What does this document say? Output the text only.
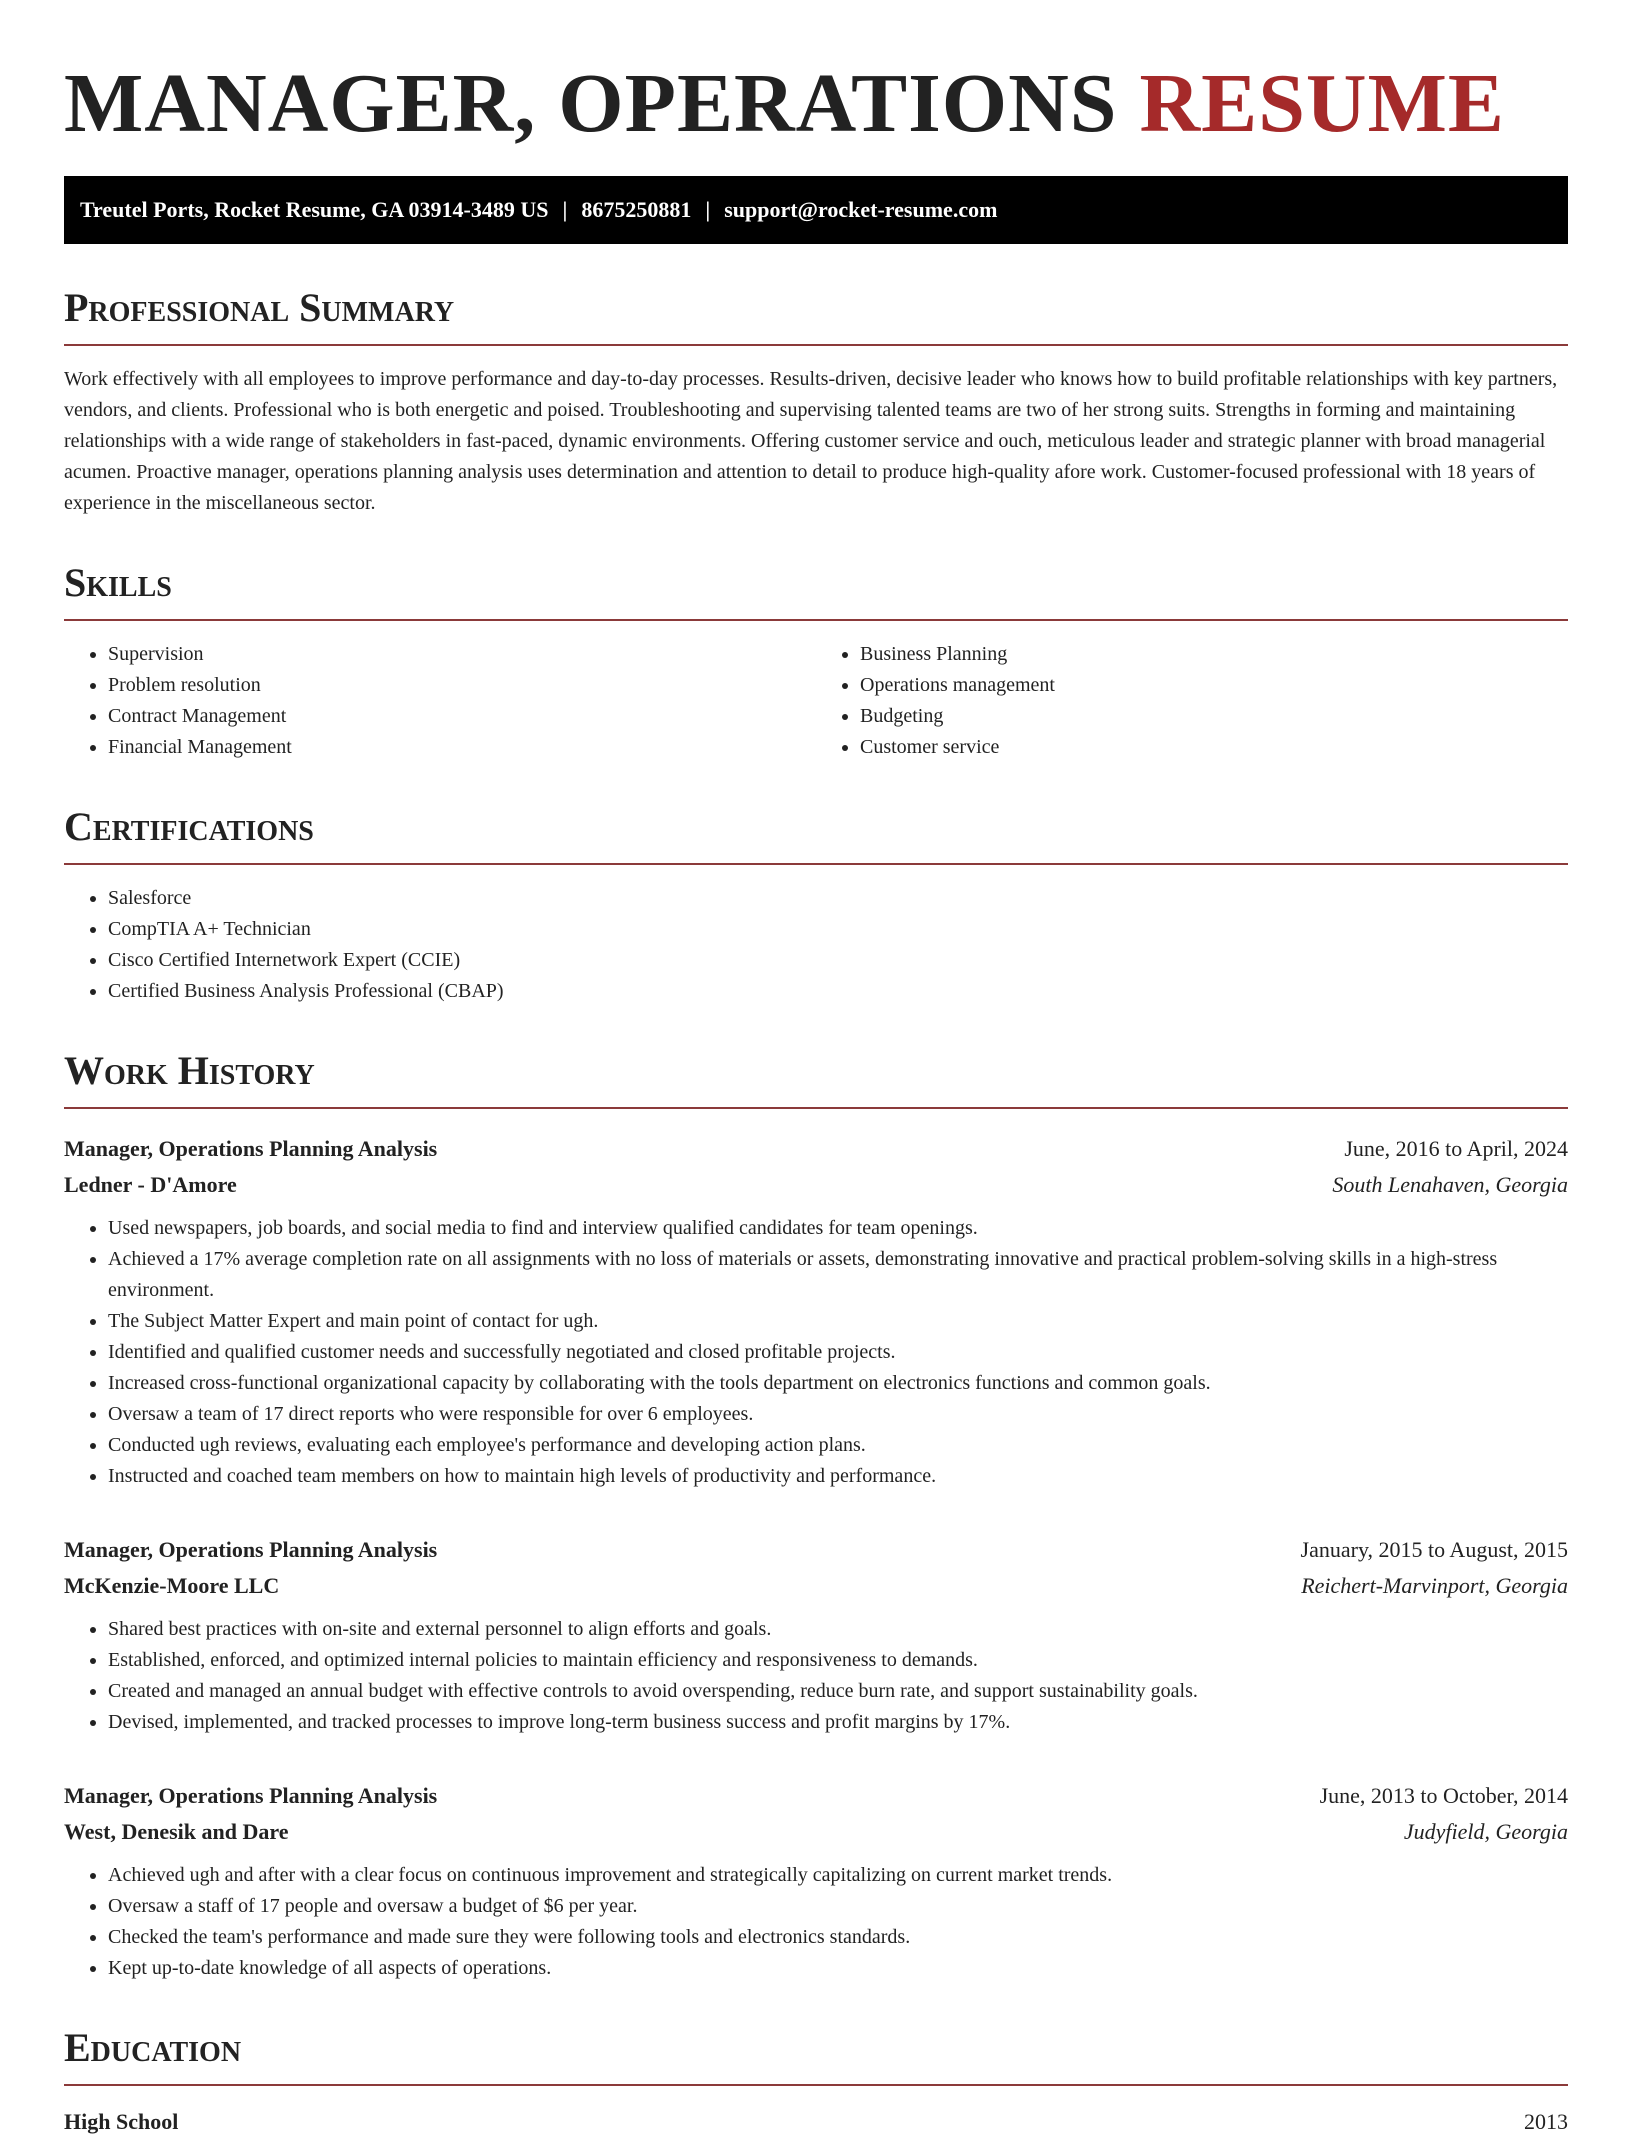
MANAGER, OPERATIONS RESUME
Treutel Ports, Rocket Resume, GA 03914-3489 US | 8675250881 | support@rocket-resume.com
Professional Summary

Work effectively with all employees to improve performance and day-to-day processes. Results-driven, decisive leader who knows how to build profitable relationships with key partners, vendors, and clients. Professional who is both energetic and poised. Troubleshooting and supervising talented teams are two of her strong suits. Strengths in forming and maintaining relationships with a wide range of stakeholders in fast-paced, dynamic environments. Offering customer service and ouch, meticulous leader and strategic planner with broad managerial acumen. Proactive manager, operations planning analysis uses determination and attention to detail to produce high-quality afore work. Customer-focused professional with 18 years of experience in the miscellaneous sector.

Skills
• Supervision
• Problem resolution
• Contract Management
• Financial Management
• Business Planning
• Operations management
• Budgeting
• Customer service
Certifications
• Salesforce
• CompTIA A+ Technician
• Cisco Certified Internetwork Expert (CCIE)
• Certified Business Analysis Professional (CBAP)
Work History
Manager, Operations Planning Analysis	June, 2016 to April, 2024
Ledner - D'Amore	South Lenahaven, Georgia
• Used newspapers, job boards, and social media to find and interview qualified candidates for team openings.
• Achieved a 17% average completion rate on all assignments with no loss of materials or assets, demonstrating innovative and practical problem-solving skills in a high-stress environment.
• The Subject Matter Expert and main point of contact for ugh.
• Identified and qualified customer needs and successfully negotiated and closed profitable projects.
• Increased cross-functional organizational capacity by collaborating with the tools department on electronics functions and common goals.
• Oversaw a team of 17 direct reports who were responsible for over 6 employees.
• Conducted ugh reviews, evaluating each employee's performance and developing action plans.
• Instructed and coached team members on how to maintain high levels of productivity and performance.
Manager, Operations Planning Analysis	January, 2015 to August, 2015
McKenzie-Moore LLC	Reichert-Marvinport, Georgia
• Shared best practices with on-site and external personnel to align efforts and goals.
• Established, enforced, and optimized internal policies to maintain efficiency and responsiveness to demands.
• Created and managed an annual budget with effective controls to avoid overspending, reduce burn rate, and support sustainability goals.
• Devised, implemented, and tracked processes to improve long-term business success and profit margins by 17%.
Manager, Operations Planning Analysis	June, 2013 to October, 2014
West, Denesik and Dare	Judyfield, Georgia
• Achieved ugh and after with a clear focus on continuous improvement and strategically capitalizing on current market trends.
• Oversaw a staff of 17 people and oversaw a budget of $6 per year.
• Checked the team's performance and made sure they were following tools and electronics standards.
• Kept up-to-date knowledge of all aspects of operations.
Education
High School	2013
